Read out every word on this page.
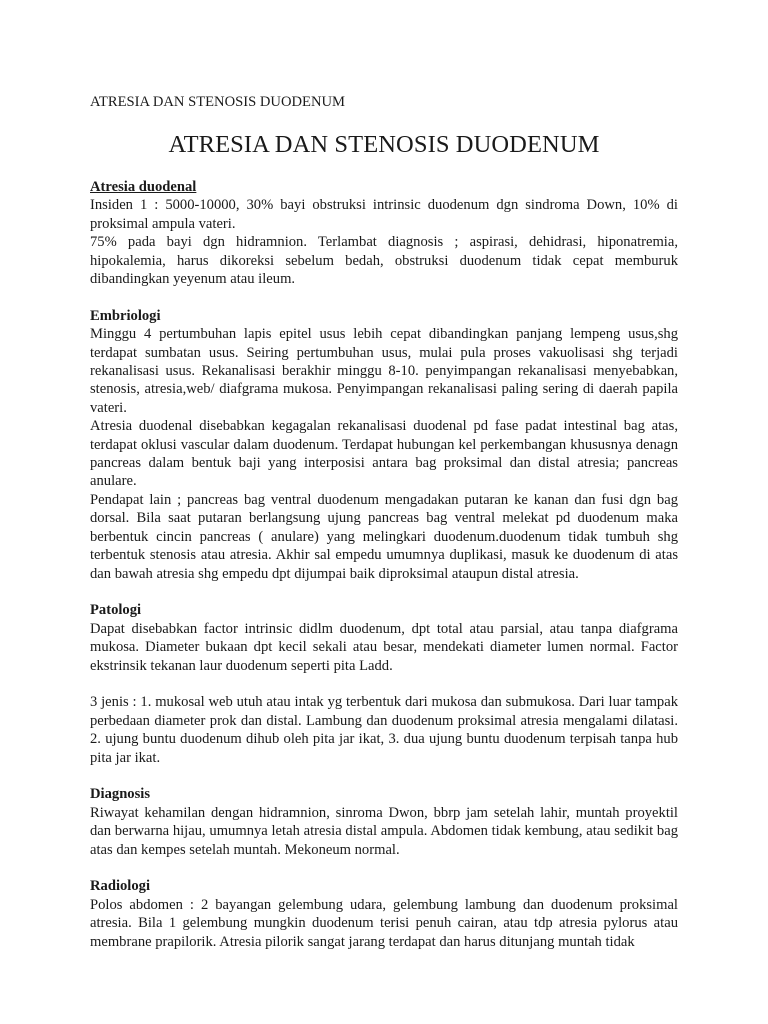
ATRESIA DAN STENOSIS DUODENUM
ATRESIA DAN STENOSIS DUODENUM

Atresia duodenal

Insiden 1 : 5000-10000, 30% bayi obstruksi intrinsic duodenum dgn sindroma Down, 10% di proksimal ampula vateri.

75% pada bayi dgn hidramnion. Terlambat diagnosis ; aspirasi, dehidrasi, hiponatremia, hipokalemia, harus dikoreksi sebelum bedah, obstruksi duodenum tidak cepat memburuk dibandingkan yeyenum atau ileum.

Embriologi

Minggu 4 pertumbuhan lapis epitel usus lebih cepat dibandingkan panjang lempeng usus,shg terdapat sumbatan usus. Seiring pertumbuhan usus, mulai pula proses vakuolisasi shg terjadi rekanalisasi usus. Rekanalisasi berakhir minggu 8-10. penyimpangan rekanalisasi menyebabkan, stenosis, atresia,web/ diafgrama mukosa. Penyimpangan rekanalisasi paling sering di daerah papila vateri.

Atresia duodenal disebabkan kegagalan rekanalisasi duodenal pd fase padat intestinal bag atas, terdapat oklusi vascular dalam duodenum. Terdapat hubungan kel perkembangan khususnya denagn pancreas dalam bentuk baji yang interposisi antara bag proksimal dan distal atresia; pancreas anulare.

Pendapat lain ; pancreas bag ventral duodenum mengadakan putaran ke kanan dan fusi dgn bag dorsal. Bila saat putaran berlangsung ujung pancreas bag ventral melekat pd duodenum maka berbentuk cincin pancreas ( anulare) yang melingkari duodenum.duodenum tidak tumbuh shg terbentuk stenosis atau atresia. Akhir sal empedu umumnya duplikasi, masuk ke duodenum di atas dan bawah atresia shg empedu dpt dijumpai baik diproksimal ataupun distal atresia.

Patologi

Dapat disebabkan factor intrinsic didlm duodenum, dpt total atau parsial, atau tanpa diafgrama mukosa. Diameter bukaan dpt kecil sekali atau besar, mendekati diameter lumen normal. Factor ekstrinsik tekanan laur duodenum seperti pita Ladd.

3 jenis : 1. mukosal web utuh atau intak yg terbentuk dari mukosa dan submukosa. Dari luar tampak perbedaan diameter prok dan distal. Lambung dan duodenum proksimal atresia mengalami dilatasi. 2. ujung buntu duodenum dihub oleh pita jar ikat, 3. dua ujung buntu duodenum terpisah tanpa hub pita jar ikat.

Diagnosis

Riwayat kehamilan dengan hidramnion, sinroma Dwon, bbrp jam setelah lahir, muntah proyektil dan berwarna hijau, umumnya letah atresia distal ampula. Abdomen tidak kembung, atau sedikit bag atas dan kempes setelah muntah. Mekoneum normal.

Radiologi

Polos abdomen : 2 bayangan gelembung udara, gelembung lambung dan duodenum proksimal atresia. Bila 1 gelembung mungkin duodenum terisi penuh cairan, atau tdp atresia pylorus atau membrane prapilorik. Atresia pilorik sangat jarang terdapat dan harus ditunjang muntah tidak
